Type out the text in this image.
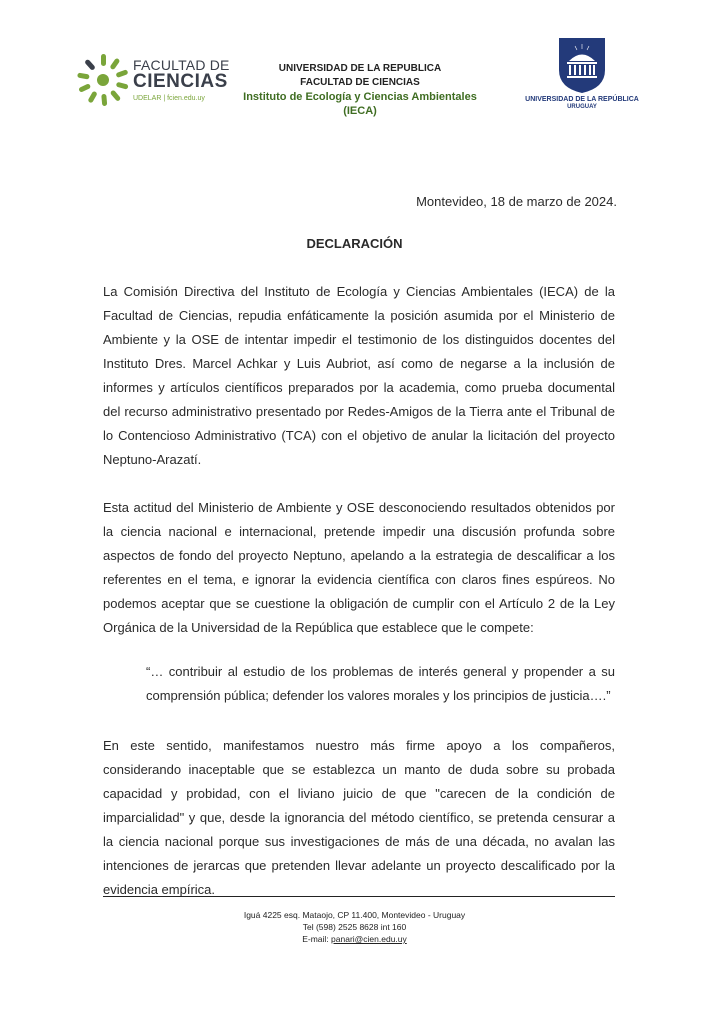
FACULTAD DE
CIENCIAS
UDELAR | fcien.edu.uy
UNIVERSIDAD DE LA REPUBLICA
FACULTAD DE CIENCIAS
Instituto de Ecología y Ciencias Ambientales (IECA)
UNIVERSIDAD DE LA REPÚBLICA
URUGUAY
Montevideo, 18 de marzo de 2024.
DECLARACIÓN
La Comisión Directiva del Instituto de Ecología y Ciencias Ambientales (IECA) de la Facultad de Ciencias, repudia enfáticamente la posición asumida por el Ministerio de Ambiente y la OSE de intentar impedir el testimonio de los distinguidos docentes del Instituto Dres. Marcel Achkar y Luis Aubriot, así como de negarse a la inclusión de informes y artículos científicos preparados por la academia, como prueba documental del recurso administrativo presentado por Redes-Amigos de la Tierra ante el Tribunal de lo Contencioso Administrativo (TCA) con el objetivo de anular la licitación del proyecto Neptuno-Arazatí.
Esta actitud del Ministerio de Ambiente y OSE desconociendo resultados obtenidos por la ciencia nacional e internacional, pretende impedir una discusión profunda sobre aspectos de fondo del proyecto Neptuno, apelando a la estrategia de descalificar a los referentes en el tema, e ignorar la evidencia científica con claros fines espúreos. No podemos aceptar que se cuestione la obligación de cumplir con el Artículo 2 de la Ley Orgánica de la Universidad de la República que establece que le compete:
“… contribuir al estudio de los problemas de interés general y propender a su comprensión pública; defender los valores morales y los principios de justicia….”
En este sentido, manifestamos nuestro más firme apoyo a los compañeros, considerando inaceptable que se establezca un manto de duda sobre su probada capacidad y probidad, con el liviano juicio de que "carecen de la condición de imparcialidad" y que, desde la ignorancia del método científico, se pretenda censurar a la ciencia nacional porque sus investigaciones de más de una década, no avalan las intenciones de jerarcas que pretenden llevar adelante un proyecto descalificado por la evidencia empírica.
Iguá 4225 esq. Mataojo, CP 11.400, Montevideo - Uruguay
Tel (598) 2525 8628 int 160
E-mail: panari@cien.edu.uy
